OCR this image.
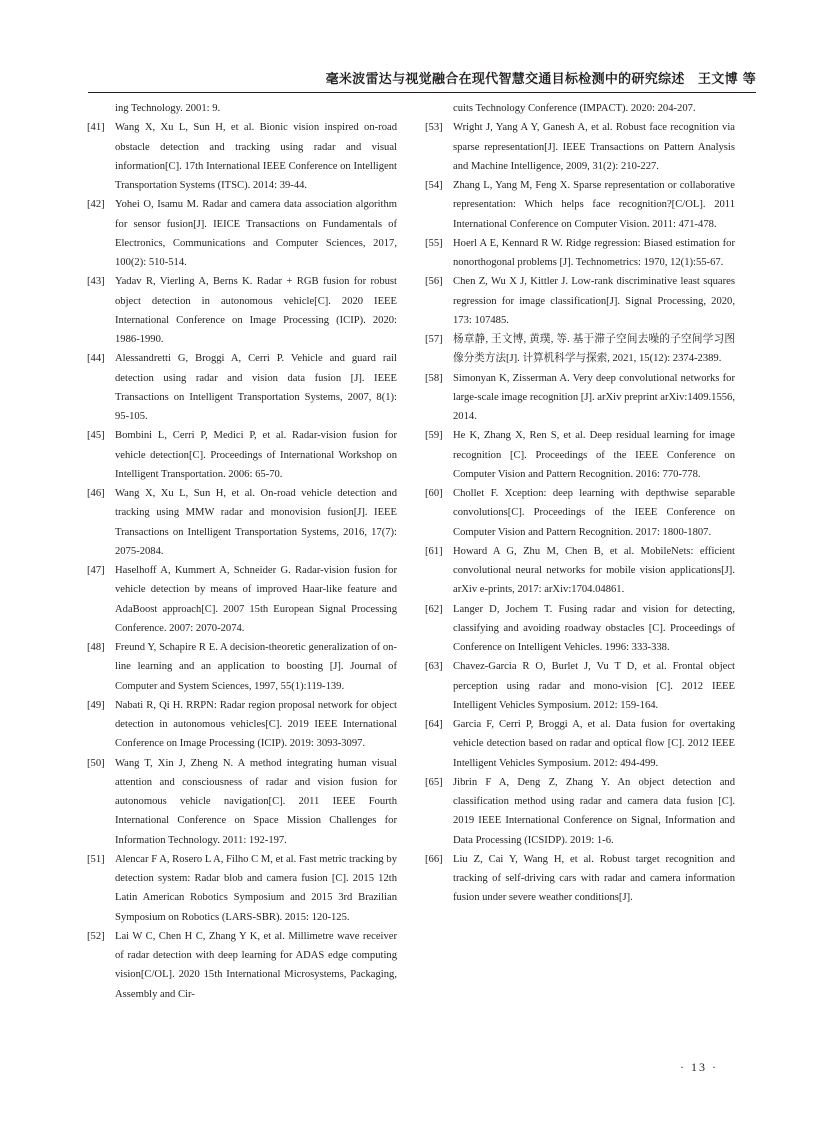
毫米波雷达与视觉融合在现代智慧交通目标检测中的研究综述　王文博 等
ing Technology. 2001: 9.
[41] Wang X, Xu L, Sun H, et al. Bionic vision inspired on-road obstacle detection and tracking using radar and visual information[C]. 17th International IEEE Conference on Intelligent Transportation Systems (ITSC). 2014: 39-44.
[42] Yohei O, Isamu M. Radar and camera data association algorithm for sensor fusion[J]. IEICE Transactions on Fundamentals of Electronics, Communications and Computer Sciences, 2017, 100(2): 510-514.
[43] Yadav R, Vierling A, Berns K. Radar + RGB fusion for robust object detection in autonomous vehicle[C]. 2020 IEEE International Conference on Image Processing (ICIP). 2020: 1986-1990.
[44] Alessandretti G, Broggi A, Cerri P. Vehicle and guard rail detection using radar and vision data fusion [J]. IEEE Transactions on Intelligent Transportation Systems, 2007, 8(1): 95-105.
[45] Bombini L, Cerri P, Medici P, et al. Radar-vision fusion for vehicle detection[C]. Proceedings of International Workshop on Intelligent Transportation. 2006: 65-70.
[46] Wang X, Xu L, Sun H, et al. On-road vehicle detection and tracking using MMW radar and monovision fusion[J]. IEEE Transactions on Intelligent Transportation Systems, 2016, 17(7): 2075-2084.
[47] Haselhoff A, Kummert A, Schneider G. Radar-vision fusion for vehicle detection by means of improved Haar-like feature and AdaBoost approach[C]. 2007 15th European Signal Processing Conference. 2007: 2070-2074.
[48] Freund Y, Schapire R E. A decision-theoretic generalization of on-line learning and an application to boosting [J]. Journal of Computer and System Sciences, 1997, 55(1):119-139.
[49] Nabati R, Qi H. RRPN: Radar region proposal network for object detection in autonomous vehicles[C]. 2019 IEEE International Conference on Image Processing (ICIP). 2019: 3093-3097.
[50] Wang T, Xin J, Zheng N. A method integrating human visual attention and consciousness of radar and vision fusion for autonomous vehicle navigation[C]. 2011 IEEE Fourth International Conference on Space Mission Challenges for Information Technology. 2011: 192-197.
[51] Alencar F A, Rosero L A, Filho C M, et al. Fast metric tracking by detection system: Radar blob and camera fusion [C]. 2015 12th Latin American Robotics Symposium and 2015 3rd Brazilian Symposium on Robotics (LARS-SBR). 2015: 120-125.
[52] Lai W C, Chen H C, Zhang Y K, et al. Millimetre wave receiver of radar detection with deep learning for ADAS edge computing vision[C/OL]. 2020 15th International Microsystems, Packaging, Assembly and Cir-
cuits Technology Conference (IMPACT). 2020: 204-207.
[53] Wright J, Yang A Y, Ganesh A, et al. Robust face recognition via sparse representation[J]. IEEE Transactions on Pattern Analysis and Machine Intelligence, 2009, 31(2): 210-227.
[54] Zhang L, Yang M, Feng X. Sparse representation or collaborative representation: Which helps face recognition?[C/OL]. 2011 International Conference on Computer Vision. 2011: 471-478.
[55] Hoerl A E, Kennard R W. Ridge regression: Biased estimation for nonorthogonal problems [J]. Technometrics: 1970, 12(1):55-67.
[56] Chen Z, Wu X J, Kittler J. Low-rank discriminative least squares regression for image classification[J]. Signal Processing, 2020, 173: 107485.
[57] 杨章静, 王文博, 黄璞, 等. 基于滞子空间去噪的子空间学习图像分类方法[J]. 计算机科学与探索, 2021, 15(12): 2374-2389.
[58] Simonyan K, Zisserman A. Very deep convolutional networks for large-scale image recognition [J]. arXiv preprint arXiv:1409.1556, 2014.
[59] He K, Zhang X, Ren S, et al. Deep residual learning for image recognition [C]. Proceedings of the IEEE Conference on Computer Vision and Pattern Recognition. 2016: 770-778.
[60] Chollet F. Xception: deep learning with depthwise separable convolutions[C]. Proceedings of the IEEE Conference on Computer Vision and Pattern Recognition. 2017: 1800-1807.
[61] Howard A G, Zhu M, Chen B, et al. MobileNets: efficient convolutional neural networks for mobile vision applications[J]. arXiv e-prints, 2017: arXiv:1704.04861.
[62] Langer D, Jochem T. Fusing radar and vision for detecting, classifying and avoiding roadway obstacles [C]. Proceedings of Conference on Intelligent Vehicles. 1996: 333-338.
[63] Chavez-Garcia R O, Burlet J, Vu T D, et al. Frontal object perception using radar and mono-vision [C]. 2012 IEEE Intelligent Vehicles Symposium. 2012: 159-164.
[64] Garcia F, Cerri P, Broggi A, et al. Data fusion for overtaking vehicle detection based on radar and optical flow [C]. 2012 IEEE Intelligent Vehicles Symposium. 2012: 494-499.
[65] Jibrin F A, Deng Z, Zhang Y. An object detection and classification method using radar and camera data fusion [C]. 2019 IEEE International Conference on Signal, Information and Data Processing (ICSIDP). 2019: 1-6.
[66] Liu Z, Cai Y, Wang H, et al. Robust target recognition and tracking of self-driving cars with radar and camera information fusion under severe weather conditions[J].
· 13 ·
